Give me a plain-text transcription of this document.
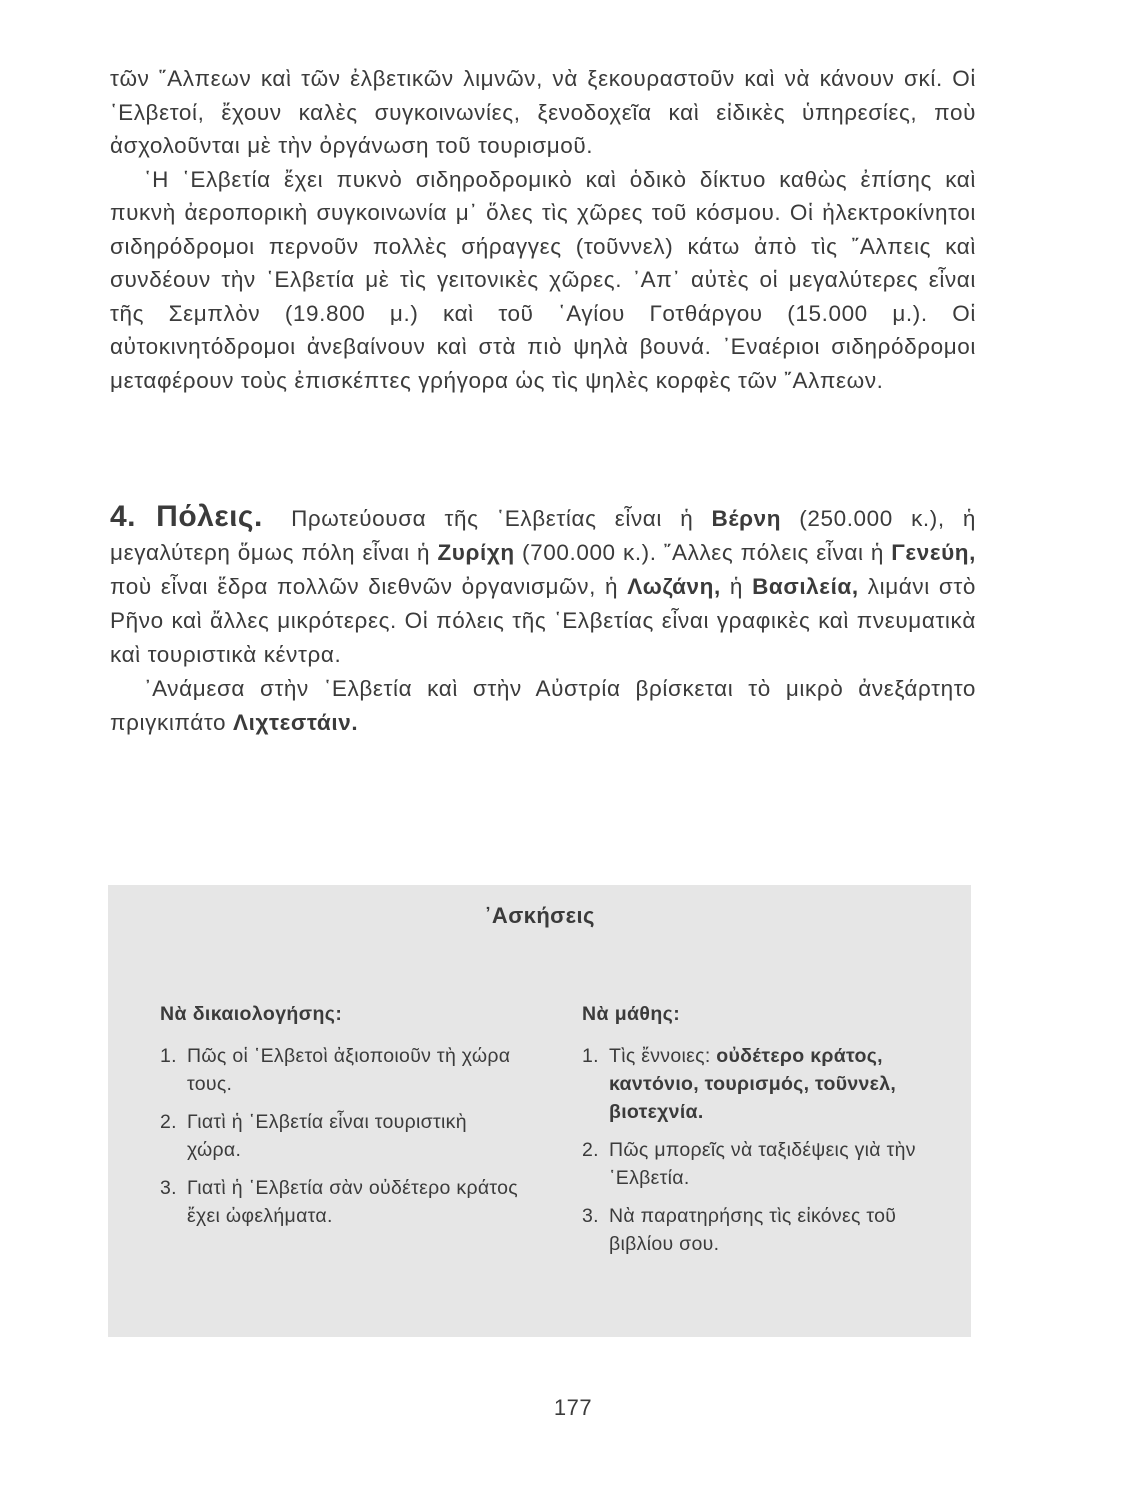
τῶν ῞Αλπεων καὶ τῶν ἐλβετικῶν λιμνῶν, νὰ ξεκουραστοῦν καὶ νὰ κάνουν σκί. Οἱ ῾Ελβετοί, ἔχουν καλὲς συγκοινωνίες, ξενοδοχεῖα καὶ εἰδικὲς ὑπηρεσίες, ποὺ ἀσχολοῦνται μὲ τὴν ὀργάνωση τοῦ τουρισμοῦ.

῾Η ῾Ελβετία ἔχει πυκνὸ σιδηροδρομικὸ καὶ ὁδικὸ δίκτυο καθὼς ἐπίσης καὶ πυκνὴ ἀεροπορικὴ συγκοινωνία μ᾽ ὅλες τὶς χῶρες τοῦ κόσμου. Οἱ ἠλεκτροκίνητοι σιδηρόδρομοι περνοῦν πολλὲς σήραγγες (τοῦννελ) κάτω ἀπὸ τὶς ῎Αλπεις καὶ συνδέουν τὴν ῾Ελβετία μὲ τὶς γειτονικὲς χῶρες. ᾽Απ᾽ αὐτὲς οἱ μεγαλύτερες εἶναι τῆς Σεμπλὸν (19.800 μ.) καὶ τοῦ ῾Αγίου Γοτθάργου (15.000 μ.). Οἱ αὐτοκινητόδρομοι ἀνεβαίνουν καὶ στὰ πιὸ ψηλὰ βουνά. ᾽Εναέριοι σιδηρόδρομοι μεταφέρουν τοὺς ἐπισκέπτες γρήγορα ὡς τὶς ψηλὲς κορφὲς τῶν ῎Αλπεων.

4. Πόλεις. Πρωτεύουσα τῆς ῾Ελβετίας εἶναι ἡ Βέρνη (250.000 κ.), ἡ μεγαλύτερη ὅμως πόλη εἶναι ἡ Ζυρίχη (700.000 κ.). ῎Αλλες πόλεις εἶναι ἡ Γενεύη, ποὺ εἶναι ἕδρα πολλῶν διεθνῶν ὀργανισμῶν, ἡ Λωζάνη, ἡ Βασιλεία, λιμάνι στὸ Ρῆνο καὶ ἄλλες μικρότερες. Οἱ πόλεις τῆς ῾Ελβετίας εἶναι γραφικὲς καὶ πνευματικὰ καὶ τουριστικὰ κέντρα.

᾽Ανάμεσα στὴν ῾Ελβετία καὶ στὴν Αὐστρία βρίσκεται τὸ μικρὸ ἀνεξάρτητο πριγκιπάτο Λιχτεστάιν.

᾽Ασκήσεις
Νὰ δικαιολογήσης:
1. Πῶς οἱ ῾Ελβετοὶ ἀξιοποιοῦν τὴ χώρα τους.
2. Γιατὶ ἡ ῾Ελβετία εἶναι τουριστικὴ χώρα.
3. Γιατὶ ἡ ῾Ελβετία σὰν οὐδέτερο κράτος ἔχει ὠφελήματα.
Νὰ μάθης:
1. Τὶς ἔννοιες: οὐδέτερο κράτος, καντόνιο, τουρισμός, τοῦννελ, βιοτεχνία.
2. Πῶς μπορεῖς νὰ ταξιδέψεις γιὰ τὴν ῾Ελβετία.
3. Νὰ παρατηρήσης τὶς εἰκόνες τοῦ βιβλίου σου.
177
